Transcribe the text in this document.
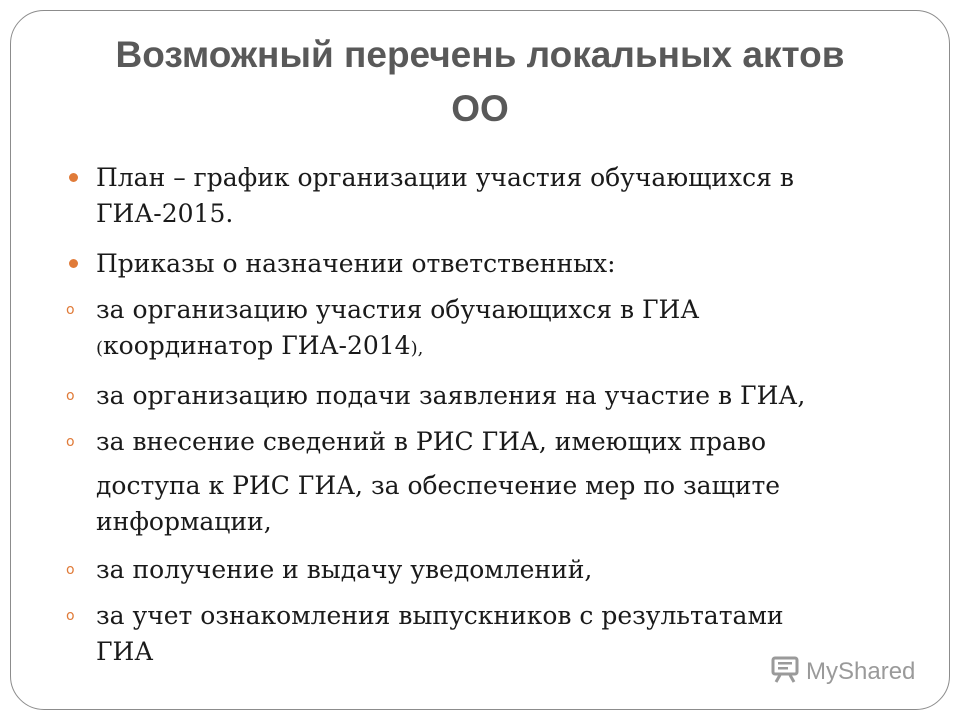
Возможный перечень локальных актов
ОО
План – график организации участия обучающихся в
ГИА-2015.
Приказы о назначении ответственных:
o за организацию участия обучающихся в ГИА
(координатор ГИА-2014),
o за организацию подачи заявления на участие в ГИА,
o за внесение сведений в РИС ГИА, имеющих право
доступа к РИС ГИА, за обеспечение мер по защите
информации,
o за получение и выдачу уведомлений,
o за учет ознакомления выпускников с результатами
ГИА
MyShared
